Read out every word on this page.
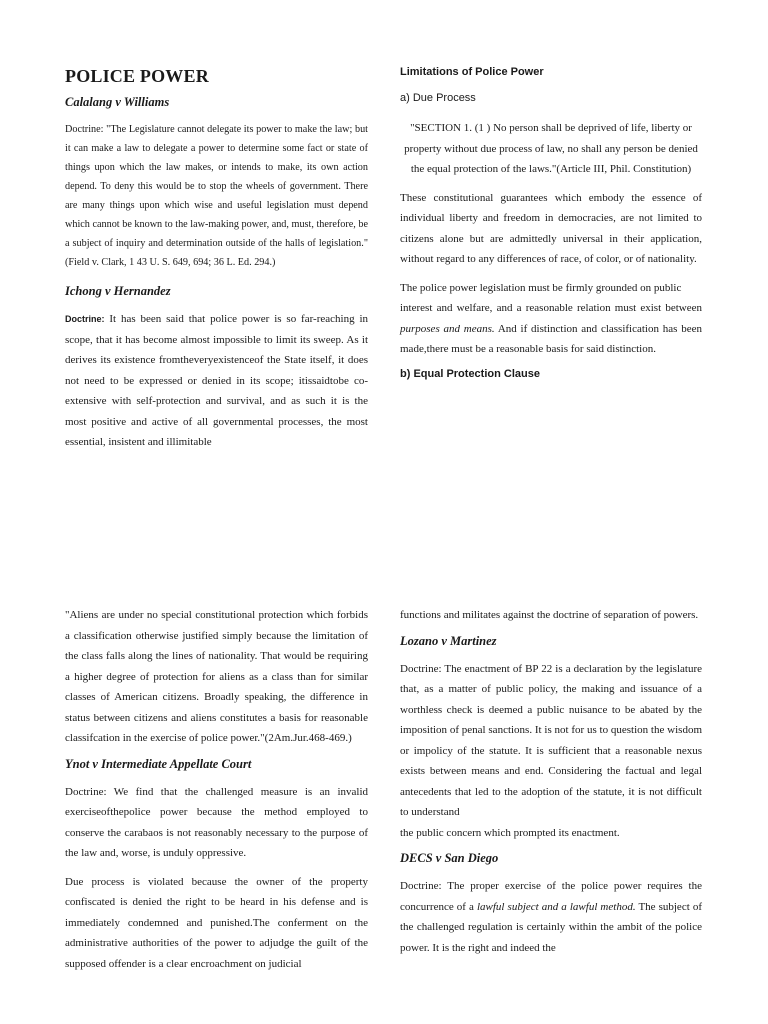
POLICE POWER
Calalang v Williams

Doctrine: "The Legislature cannot delegate its power to make the law; but it can make a law to delegate a power to determine some fact or state of things upon which the law makes, or intends to make, its own action depend. To deny this would be to stop the wheels of government. There are many things upon which wise and useful legislation must depend which cannot be known to the law-making power, and, must, therefore, be a subject of inquiry and determination outside of the halls of legislation." (Field v. Clark, 1 43 U. S. 649, 694; 36 L. Ed. 294.)

Ichong v Hernandez

Doctrine: It has been said that police power is so far-reaching in scope, that it has become almost impossible to limit its sweep. As it derives its existence fromtheveryexistenceof the State itself, it does not need to be expressed or denied in its scope; itissaidtobe co- extensive with self-protection and survival, and as such it is the most positive and active of all governmental processes, the most essential, insistent and illimitable

Limitations of Police Power
a) Due Process

"SECTION 1. (1 ) No person shall be deprived of life, liberty or property without due process of law, no shall any person be denied the equal protection of the laws."(Article III, Phil. Constitution)

These constitutional guarantees which embody the essence of individual liberty and freedom in democracies, are not limited to citizens alone but are admittedly universal in their application, without regard to any differences of race, of color, or of nationality.

The police power legislation must be firmly grounded on public

interest and welfare, and a reasonable relation must exist between purposes and means. And if distinction and classification has been made,there must be a reasonable basis for said distinction.

b) Equal Protection Clause

"Aliens are under no special constitutional protection which forbids a classification otherwise justified simply because the limitation of the class falls along the lines of nationality. That would be requiring a higher degree of protection for aliens as a class than for similar classes of American citizens. Broadly speaking, the difference in status between citizens and aliens constitutes a basis for reasonable classifcation in the exercise of police power."(2Am.Jur.468-469.)

Ynot v Intermediate Appellate Court

Doctrine: We find that the challenged measure is an invalid exerciseofthepolice power because the method employed to conserve the carabaos is not reasonably necessary to the purpose of the law and, worse, is unduly oppressive.

Due process is violated because the owner of the property confiscated is denied the right to be heard in his defense and is immediately condemned and punished.The conferment on the administrative authorities of the power to adjudge the guilt of the supposed offender is a clear encroachment on judicial

functions and militates against the doctrine of separation of powers.

Lozano v Martinez

Doctrine: The enactment of BP 22 is a declaration by the legislature that, as a matter of public policy, the making and issuance of a worthless check is deemed a public nuisance to be abated by the imposition of penal sanctions. It is not for us to question the wisdom or impolicy of the statute. It is sufficient that a reasonable nexus exists between means and end. Considering the factual and legal antecedents that led to the adoption of the statute, it is not difficult to understand

the public concern which prompted its enactment.

DECS v San Diego

Doctrine: The proper exercise of the police power requires the concurrence of a lawful subject and a lawful method. The subject of the challenged regulation is certainly within the ambit of the police power. It is the right and indeed the
